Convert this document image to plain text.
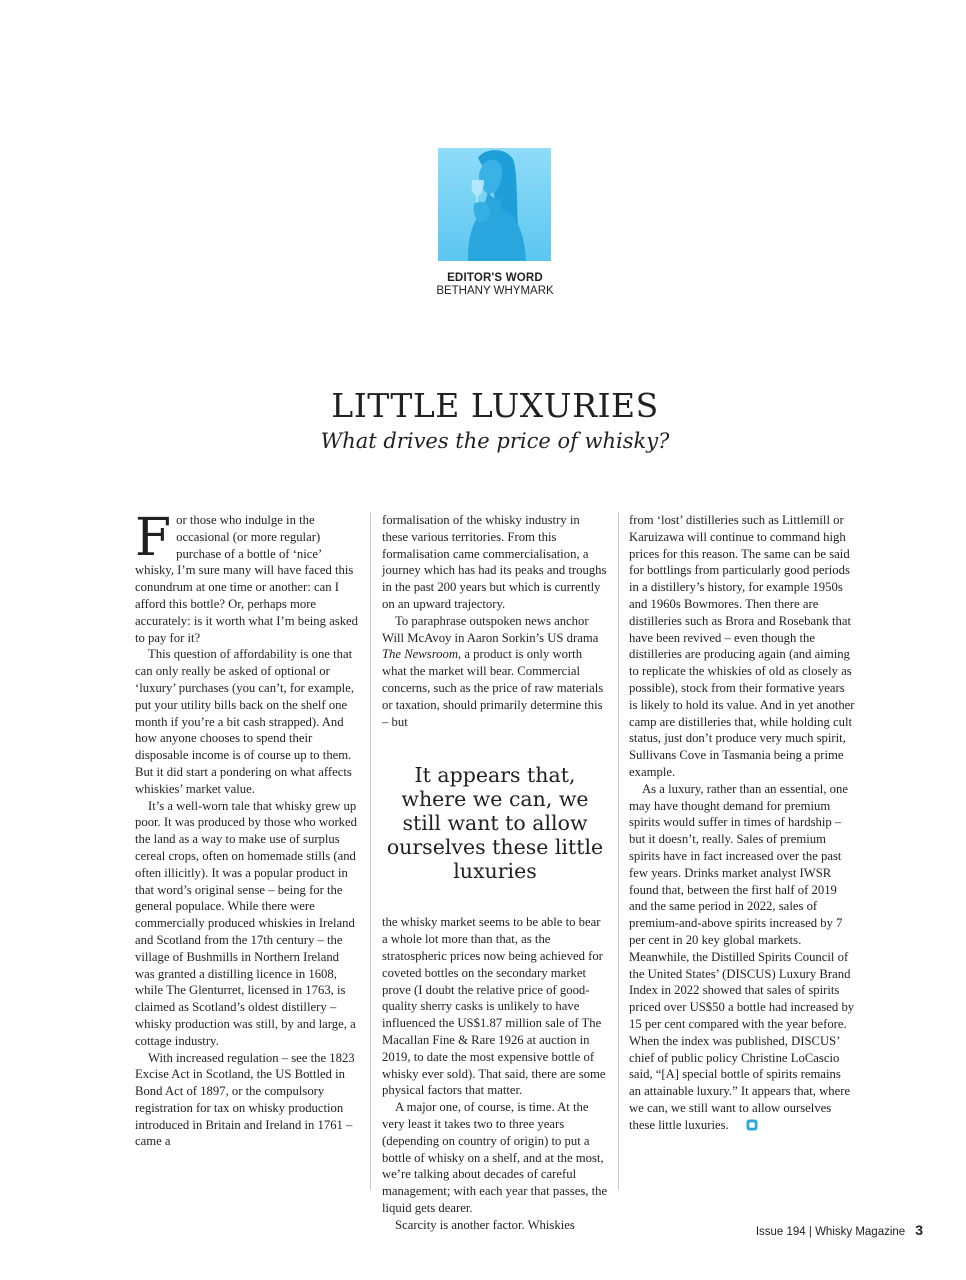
EDITOR'S WORD
BETHANY WHYMARK
LITTLE LUXURIES
What drives the price of whisky?

For those who indulge in the occasional (or more regular) purchase of a bottle of ‘nice’ whisky, I’m sure many will have faced this conundrum at one time or another: can I afford this bottle? Or, perhaps more accurately: is it worth what I’m being asked to pay for it?

This question of affordability is one that can only really be asked of optional or ‘luxury’ purchases (you can’t, for example, put your utility bills back on the shelf one month if you’re a bit cash strapped). And how anyone chooses to spend their disposable income is of course up to them. But it did start a pondering on what affects whiskies’ market value.

It’s a well-worn tale that whisky grew up poor. It was produced by those who worked the land as a way to make use of surplus cereal crops, often on homemade stills (and often illicitly). It was a popular product in that word’s original sense – being for the general populace. While there were commercially produced whiskies in Ireland and Scotland from the 17th century – the village of Bushmills in Northern Ireland was granted a distilling licence in 1608, while The Glenturret, licensed in 1763, is claimed as Scotland’s oldest distillery – whisky production was still, by and large, a cottage industry.

With increased regulation – see the 1823 Excise Act in Scotland, the US Bottled in Bond Act of 1897, or the compulsory registration for tax on whisky production introduced in Britain and Ireland in 1761 – came a

formalisation of the whisky industry in these various territories. From this formalisation came commercialisation, a journey which has had its peaks and troughs in the past 200 years but which is currently on an upward trajectory.

To paraphrase outspoken news anchor Will McAvoy in Aaron Sorkin’s US drama The Newsroom, a product is only worth what the market will bear. Commercial concerns, such as the price of raw materials or taxation, should primarily determine this – but

It appears that, where we can, we still want to allow ourselves these little luxuries

the whisky market seems to be able to bear a whole lot more than that, as the stratospheric prices now being achieved for coveted bottles on the secondary market prove (I doubt the relative price of good-quality sherry casks is unlikely to have influenced the US$1.87 million sale of The Macallan Fine & Rare 1926 at auction in 2019, to date the most expensive bottle of whisky ever sold). That said, there are some physical factors that matter.

A major one, of course, is time. At the very least it takes two to three years (depending on country of origin) to put a bottle of whisky on a shelf, and at the most, we’re talking about decades of careful management; with each year that passes, the liquid gets dearer.

Scarcity is another factor. Whiskies

from ‘lost’ distilleries such as Littlemill or Karuizawa will continue to command high prices for this reason. The same can be said for bottlings from particularly good periods in a distillery’s history, for example 1950s and 1960s Bowmores. Then there are distilleries such as Brora and Rosebank that have been revived – even though the distilleries are producing again (and aiming to replicate the whiskies of old as closely as possible), stock from their formative years is likely to hold its value. And in yet another camp are distilleries that, while holding cult status, just don’t produce very much spirit, Sullivans Cove in Tasmania being a prime example.

As a luxury, rather than an essential, one may have thought demand for premium spirits would suffer in times of hardship – but it doesn’t, really. Sales of premium spirits have in fact increased over the past few years. Drinks market analyst IWSR found that, between the first half of 2019 and the same period in 2022, sales of premium-and-above spirits increased by 7 per cent in 20 key global markets. Meanwhile, the Distilled Spirits Council of the United States’ (DISCUS) Luxury Brand Index in 2022 showed that sales of spirits priced over US$50 a bottle had increased by 15 per cent compared with the year before. When the index was published, DISCUS’ chief of public policy Christine LoCascio said, “[A] special bottle of spirits remains an attainable luxury.” It appears that, where we can, we still want to allow ourselves these little luxuries.

Issue 194 | Whisky Magazine 3
